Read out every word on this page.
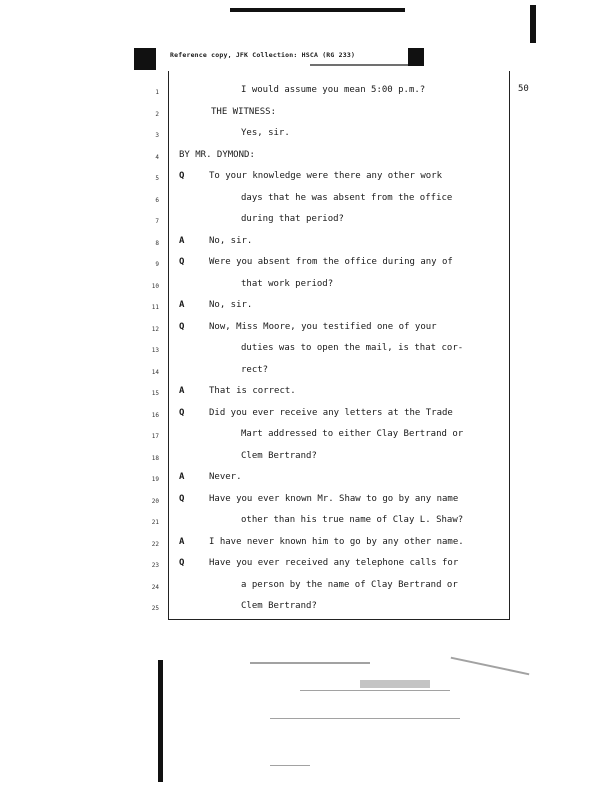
Reference copy, JFK Collection: HSCA (RG 233)
50
1	I would assume you mean 5:00 p.m.?
2	THE WITNESS:
3	Yes, sir.
4 BY MR. DYMOND:
5 Q	To your knowledge were there any other work
6	days that he was absent from the office
7	during that period?
8 A	No, sir.
9 Q	Were you absent from the office during any of
10	that work period?
11 A	No, sir.
12 Q	Now, Miss Moore, you testified one of your
13	duties was to open the mail, is that cor-
14	rect?
15 A	That is correct.
16 Q	Did you ever receive any letters at the Trade
17	Mart addressed to either Clay Bertrand or
18	Clem Bertrand?
19 A	Never.
20 Q	Have you ever known Mr. Shaw to go by any name
21	other than his true name of Clay L. Shaw?
22 A	I have never known him to go by any other name.
23 Q	Have you ever received any telephone calls for
24	a person by the name of Clay Bertrand or
25	Clem Bertrand?
